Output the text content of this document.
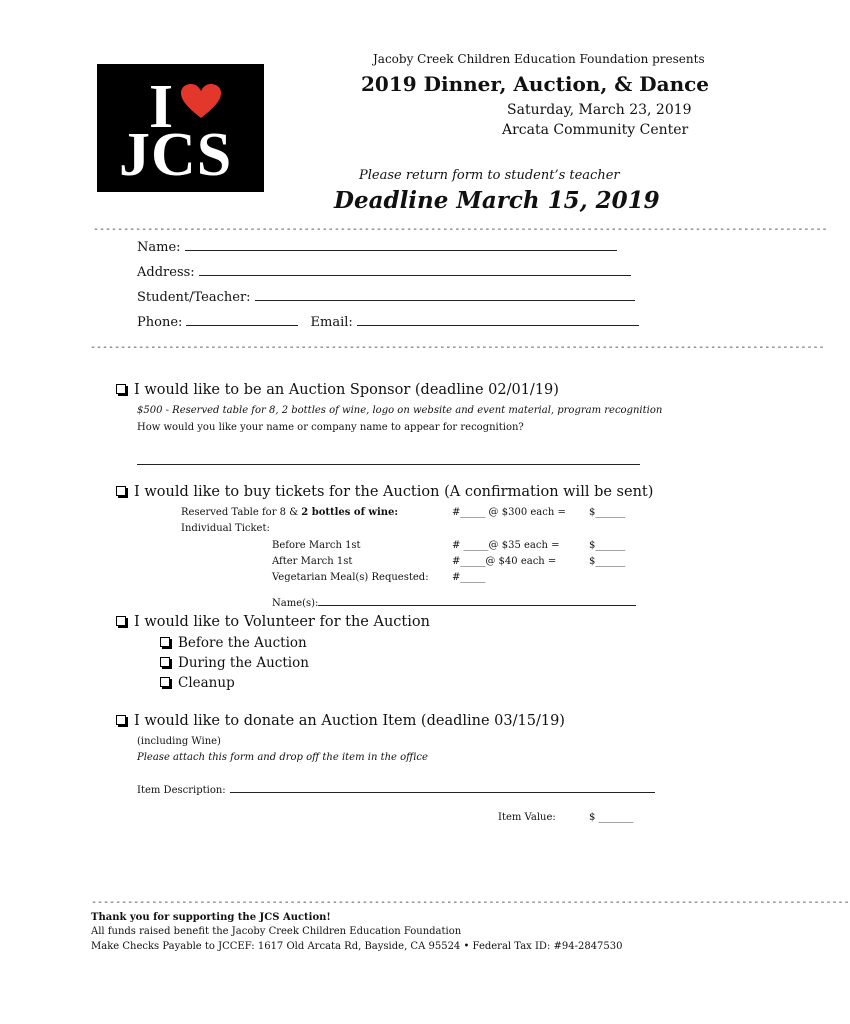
I
JCS
Jacoby Creek Children Education Foundation presents
2019 Dinner, Auction, & Dance
Saturday, March 23, 2019
Arcata Community Center
Please return form to student’s teacher
Deadline March 15, 2019
--------------------------------------------------------------------------------------------------------------------------
Name:
Address:
Student/Teacher:
Phone:	Email:
--------------------------------------------------------------------------------------------------------------------------
I would like to be an Auction Sponsor (deadline 02/01/19)
$500 - Reserved table for 8, 2 bottles of wine, logo on website and event material, program recognition
How would you like your name or company name to appear for recognition?
I would like to buy tickets for the Auction (A confirmation will be sent)
Reserved Table for 8 & 2 bottles of wine:	#_____ @ $300 each = $______
Individual Ticket:
Before March 1st	# _____@ $35 each =	$______
After March 1st	#_____@ $40 each =	$______
Vegetarian Meal(s) Requested: #_____
Name(s):
I would like to Volunteer for the Auction
Before the Auction
During the Auction
Cleanup
I would like to donate an Auction Item (deadline 03/15/19)
(including Wine)
Please attach this form and drop off the item in the office
Item Description:
Item Value:	$ _______
------------------------------------------------------------------------------------------------------------------------------
Thank you for supporting the JCS Auction!
All funds raised benefit the Jacoby Creek Children Education Foundation
Make Checks Payable to JCCEF: 1617 Old Arcata Rd, Bayside, CA 95524 • Federal Tax ID: #94-2847530
